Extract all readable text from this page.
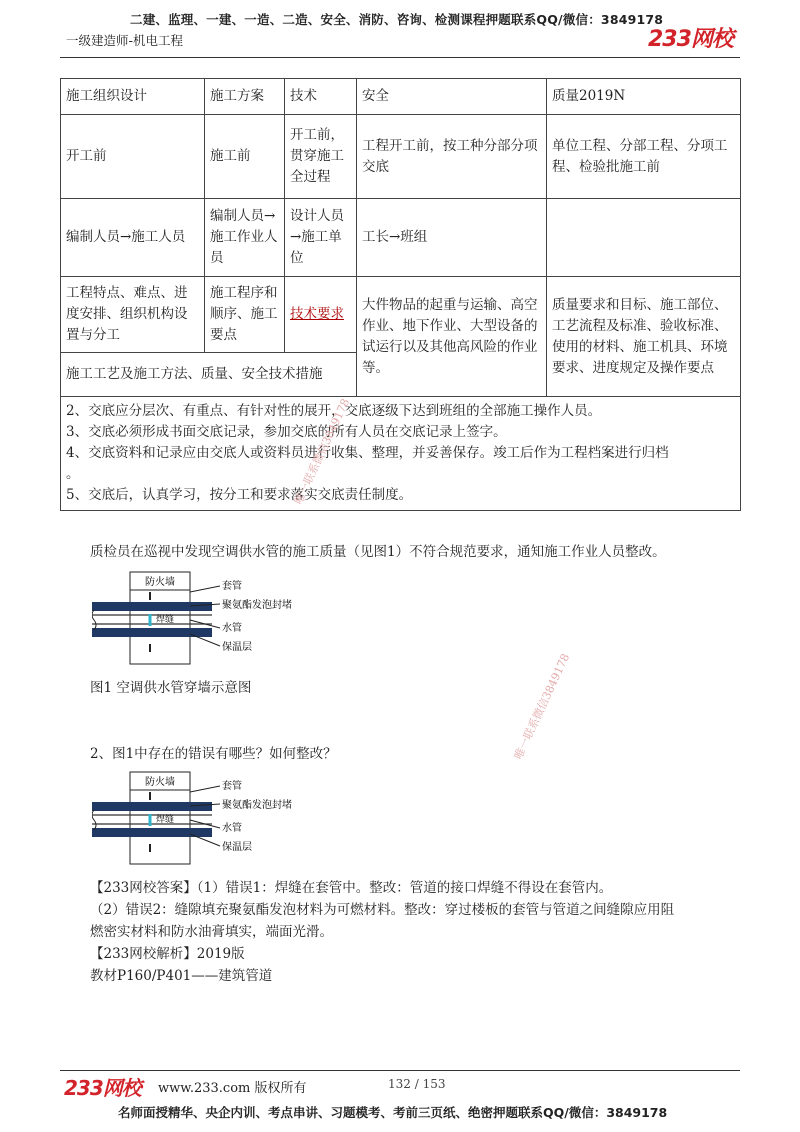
二建、监理、一建、一造、二造、安全、消防、咨询、检测课程押题联系QQ/微信：3849178
一级建造师-机电工程	233网校
施工组织设计	施工方案	技术	安全	质量2019N
开工前	施工前	开工前，贯穿施工全过程	工程开工前，按工种分部分项交底	单位工程、分部工程、分项工程、检验批施工前
编制人员→施工人员	编制人员→施工作业人员	设计人员→施工单位	工长→班组	
工程特点、难点、进度安排、组织机构设置与分工	施工程序和顺序、施工要点	技术要求	大件物品的起重与运输、高空作业、地下作业、大型设备的试运行以及其他高风险的作业等。	质量要求和目标、施工部位、工艺流程及标准、验收标准、使用的材料、施工机具、环境要求、进度规定及操作要点
施工工艺及施工方法、质量、安全技术措施				

2、交底应分层次、有重点、有针对性的展开，交底逐级下达到班组的全部施工操作人员。
3、交底必须形成书面交底记录，参加交底的所有人员在交底记录上签字。
4、交底资料和记录应由交底人或资料员进行收集、整理，并妥善保存。竣工后作为工程档案进行归档
。
5、交底后，认真学习，按分工和要求落实交底责任制度。				
质检员在巡视中发现空调供水管的施工质量（见图1）不符合规范要求，通知施工作业人员整改。
防火墙
焊缝
套管
聚氨酯发泡封堵
水管
保温层
图1 空调供水管穿墙示意图
2、图1中存在的错误有哪些？如何整改？
防火墙
焊缝
套管
聚氨酯发泡封堵
水管
保温层
【233网校答案】（1）错误1：焊缝在套管中。整改：管道的接口焊缝不得设在套管内。
（2）错误2：缝隙填充聚氨酯发泡材料为可燃材料。整改：穿过楼板的套管与管道之间缝隙应用阻
燃密实材料和防水油膏填实，端面光滑。
【233网校解析】2019版
教材P160/P401——建筑管道
唯一联系微信3849178
唯一联系微信3849178
233网校 www.233.com 版权所有	132 / 153
名师面授精华、央企内训、考点串讲、习题模考、考前三页纸、绝密押题联系QQ/微信：3849178
